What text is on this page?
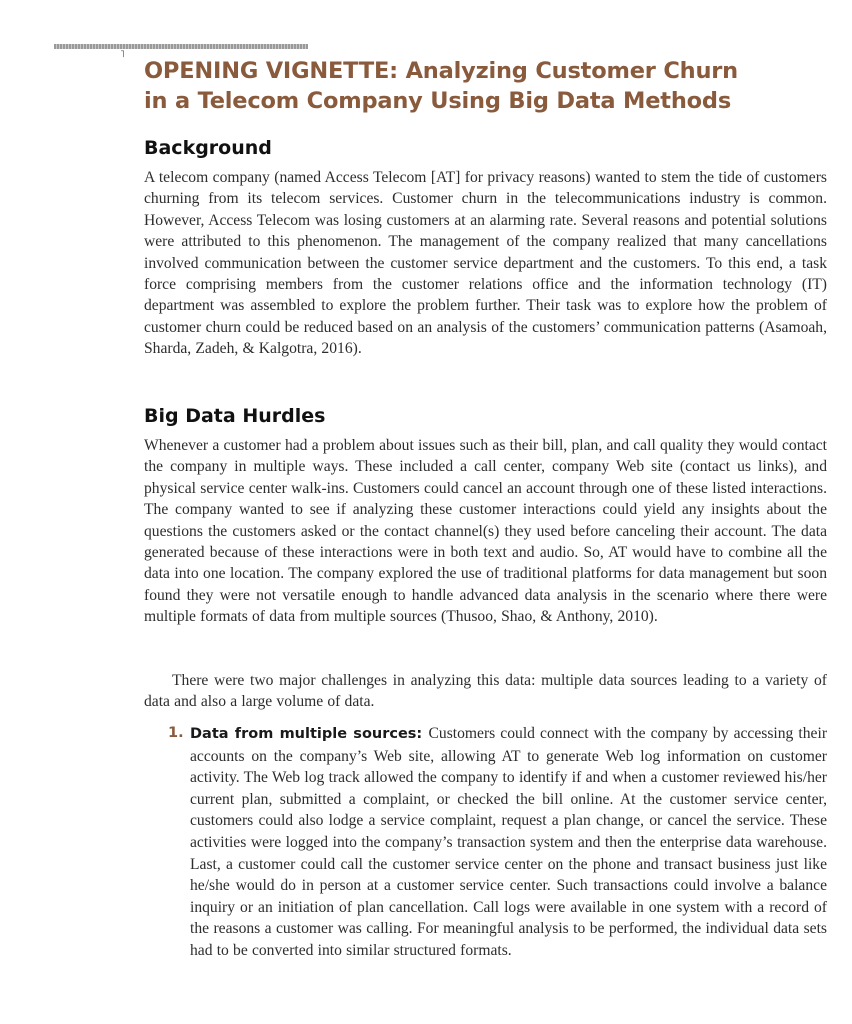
˥
OPENING VIGNETTE: Analyzing Customer Churn
in a Telecom Company Using Big Data Methods
Background

A telecom company (named Access Telecom [AT] for privacy reasons) wanted to stem the tide of customers churning from its telecom services. Customer churn in the telecommunications industry is common. However, Access Telecom was losing customers at an alarming rate. Several reasons and potential solutions were attributed to this phenomenon. The management of the company realized that many cancellations involved communication between the customer service department and the customers. To this end, a task force comprising members from the customer relations office and the information technology (IT) department was assembled to explore the problem further. Their task was to explore how the problem of customer churn could be reduced based on an analysis of the customers’ communication patterns (Asamoah, Sharda, Zadeh, & Kalgotra, 2016).

Big Data Hurdles

Whenever a customer had a problem about issues such as their bill, plan, and call quality they would contact the company in multiple ways. These included a call center, company Web site (contact us links), and physical service center walk-ins. Customers could cancel an account through one of these listed interactions. The company wanted to see if analyzing these customer interactions could yield any insights about the questions the customers asked or the contact channel(s) they used before canceling their account. The data generated because of these interactions were in both text and audio. So, AT would have to combine all the data into one location. The company explored the use of traditional platforms for data management but soon found they were not versatile enough to handle advanced data analysis in the scenario where there were multiple formats of data from multiple sources (Thusoo, Shao, & Anthony, 2010).

There were two major challenges in analyzing this data: multiple data sources leading to a variety of data and also a large volume of data.

1. Data from multiple sources: Customers could connect with the company by accessing their accounts on the company’s Web site, allowing AT to generate Web log information on customer activity. The Web log track allowed the company to identify if and when a customer reviewed his/her current plan, submitted a complaint, or checked the bill online. At the customer service center, customers could also lodge a service complaint, request a plan change, or cancel the service. These activities were logged into the company’s transaction system and then the enterprise data warehouse. Last, a customer could call the customer service center on the phone and transact business just like he/she would do in person at a customer service center. Such transactions could involve a balance inquiry or an initiation of plan cancellation. Call logs were available in one system with a record of the reasons a customer was calling. For meaningful analysis to be performed, the individual data sets had to be converted into similar structured formats.
